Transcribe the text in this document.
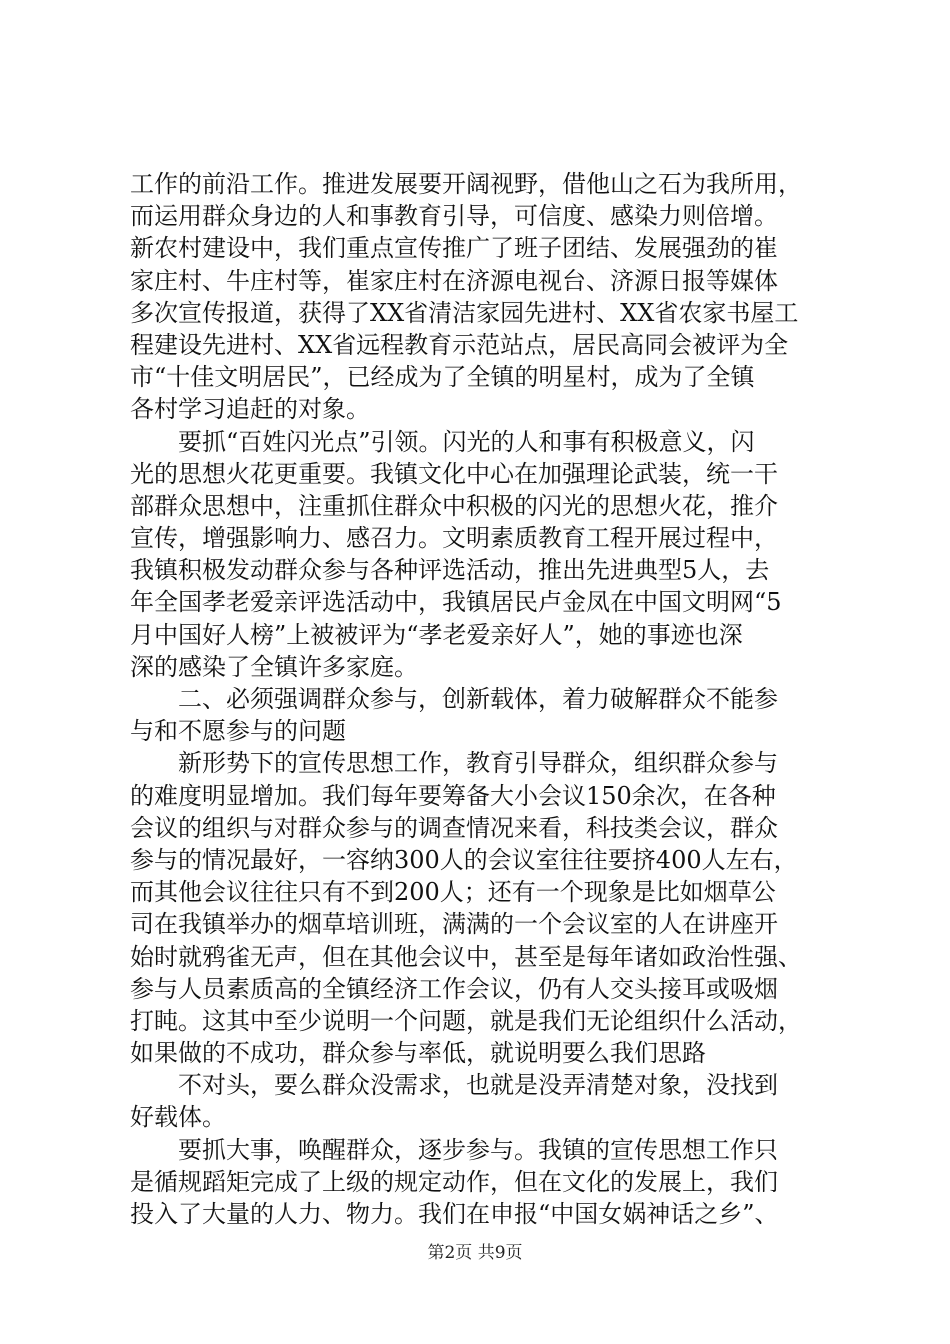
工作的前沿工作。推进发展要开阔视野，借他山之石为我所用，
而运用群众身边的人和事教育引导，可信度、感染力则倍增。
新农村建设中，我们重点宣传推广了班子团结、发展强劲的崔
家庄村、牛庄村等，崔家庄村在济源电视台、济源日报等媒体
多次宣传报道，获得了XX省清洁家园先进村、XX省农家书屋工
程建设先进村、XX省远程教育示范站点，居民高同会被评为全
市“十佳文明居民”，已经成为了全镇的明星村，成为了全镇
各村学习追赶的对象。
要抓“百姓闪光点”引领。闪光的人和事有积极意义，闪
光的思想火花更重要。我镇文化中心在加强理论武装，统一干
部群众思想中，注重抓住群众中积极的闪光的思想火花，推介
宣传，增强影响力、感召力。文明素质教育工程开展过程中，
我镇积极发动群众参与各种评选活动，推出先进典型5人，去
年全国孝老爱亲评选活动中，我镇居民卢金凤在中国文明网“5
月中国好人榜”上被被评为“孝老爱亲好人”，她的事迹也深
深的感染了全镇许多家庭。
二、必须强调群众参与，创新载体，着力破解群众不能参
与和不愿参与的问题
新形势下的宣传思想工作，教育引导群众，组织群众参与
的难度明显增加。我们每年要筹备大小会议150余次，在各种
会议的组织与对群众参与的调查情况来看，科技类会议，群众
参与的情况最好，一容纳300人的会议室往往要挤400人左右，
而其他会议往往只有不到200人；还有一个现象是比如烟草公
司在我镇举办的烟草培训班，满满的一个会议室的人在讲座开
始时就鸦雀无声，但在其他会议中，甚至是每年诸如政治性强、
参与人员素质高的全镇经济工作会议，仍有人交头接耳或吸烟
打盹。这其中至少说明一个问题，就是我们无论组织什么活动，
如果做的不成功，群众参与率低，就说明要么我们思路
不对头，要么群众没需求，也就是没弄清楚对象，没找到
好载体。
要抓大事，唤醒群众，逐步参与。我镇的宣传思想工作只
是循规蹈矩完成了上级的规定动作，但在文化的发展上，我们
投入了大量的人力、物力。我们在申报“中国女娲神话之乡”、
第2页 共9页
